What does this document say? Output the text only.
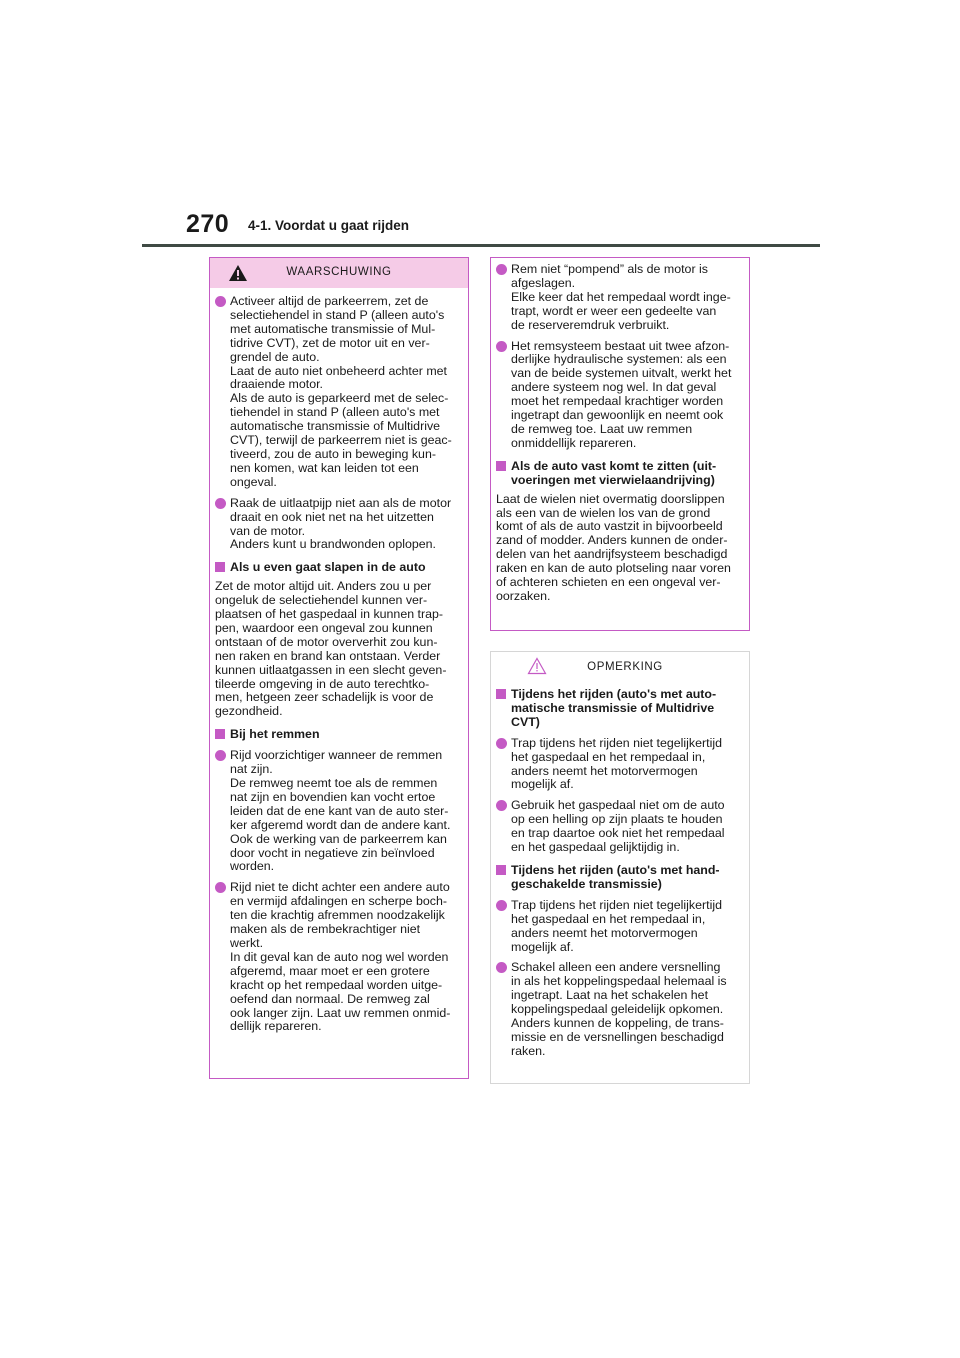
270 4-1. Voordat u gaat rijden
WAARSCHUWING

Activeer altijd de parkeerrem, zet de
selectiehendel in stand P (alleen auto's
met automatische transmissie of Mul-
tidrive CVT), zet de motor uit en ver-
grendel de auto.
Laat de auto niet onbeheerd achter met
draaiende motor.
Als de auto is geparkeerd met de selec-
tiehendel in stand P (alleen auto's met
automatische transmissie of Multidrive
CVT), terwijl de parkeerrem niet is geac-
tiveerd, zou de auto in beweging kun-
nen komen, wat kan leiden tot een
ongeval.

Raak de uitlaatpijp niet aan als de motor
draait en ook niet net na het uitzetten
van de motor.
Anders kunt u brandwonden oplopen.

Als u even gaat slapen in de auto

Zet de motor altijd uit. Anders zou u per
ongeluk de selectiehendel kunnen ver-
plaatsen of het gaspedaal in kunnen trap-
pen, waardoor een ongeval zou kunnen
ontstaan of de motor oververhit zou kun-
nen raken en brand kan ontstaan. Verder
kunnen uitlaatgassen in een slecht geven-
tileerde omgeving in de auto terechtko-
men, hetgeen zeer schadelijk is voor de
gezondheid.

Bij het remmen

Rijd voorzichtiger wanneer de remmen
nat zijn.
De remweg neemt toe als de remmen
nat zijn en bovendien kan vocht ertoe
leiden dat de ene kant van de auto ster-
ker afgeremd wordt dan de andere kant.
Ook de werking van de parkeerrem kan
door vocht in negatieve zin beïnvloed
worden.

Rijd niet te dicht achter een andere auto
en vermijd afdalingen en scherpe boch-
ten die krachtig afremmen noodzakelijk
maken als de rembekrachtiger niet
werkt.
In dit geval kan de auto nog wel worden
afgeremd, maar moet er een grotere
kracht op het rempedaal worden uitge-
oefend dan normaal. De remweg zal
ook langer zijn. Laat uw remmen onmid-
dellijk repareren.

Rem niet “pompend” als de motor is
afgeslagen.
Elke keer dat het rempedaal wordt inge-
trapt, wordt er weer een gedeelte van
de reserveremdruk verbruikt.

Het remsysteem bestaat uit twee afzon-
derlijke hydraulische systemen: als een
van de beide systemen uitvalt, werkt het
andere systeem nog wel. In dat geval
moet het rempedaal krachtiger worden
ingetrapt dan gewoonlijk en neemt ook
de remweg toe. Laat uw remmen
onmiddellijk repareren.

Als de auto vast komt te zitten (uit-
voeringen met vierwielaandrijving)

Laat de wielen niet overmatig doorslippen
als een van de wielen los van de grond
komt of als de auto vastzit in bijvoorbeeld
zand of modder. Anders kunnen de onder-
delen van het aandrijfsysteem beschadigd
raken en kan de auto plotseling naar voren
of achteren schieten en een ongeval ver-
oorzaken.

OPMERKING
Tijdens het rijden (auto's met auto-
matische transmissie of Multidrive
CVT)

Trap tijdens het rijden niet tegelijkertijd
het gaspedaal en het rempedaal in,
anders neemt het motorvermogen
mogelijk af.

Gebruik het gaspedaal niet om de auto
op een helling op zijn plaats te houden
en trap daartoe ook niet het rempedaal
en het gaspedaal gelijktijdig in.

Tijdens het rijden (auto's met hand-
geschakelde transmissie)

Trap tijdens het rijden niet tegelijkertijd
het gaspedaal en het rempedaal in,
anders neemt het motorvermogen
mogelijk af.

Schakel alleen een andere versnelling
in als het koppelingspedaal helemaal is
ingetrapt. Laat na het schakelen het
koppelingspedaal geleidelijk opkomen.
Anders kunnen de koppeling, de trans-
missie en de versnellingen beschadigd
raken.
